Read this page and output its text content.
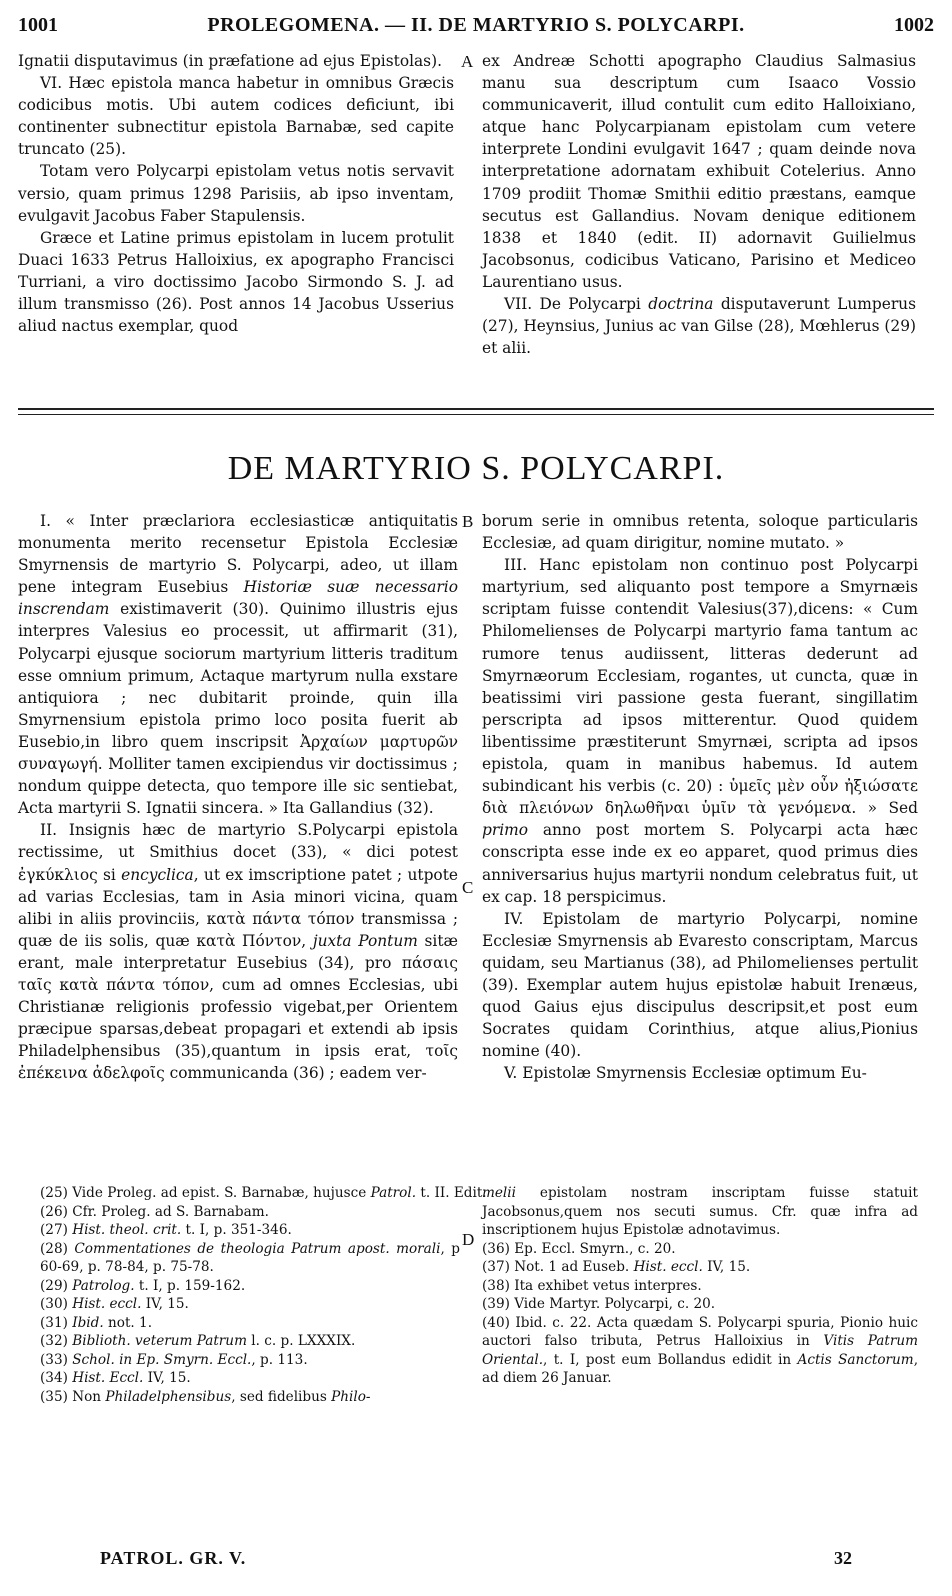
1001	PROLEGOMENA. — II. DE MARTYRIO S. POLYCARPI.	1002

Ignatii disputavimus (in præfatione ad ejus Epistolas).

VI. Hæc epistola manca habetur in omnibus Græcis codicibus motis. Ubi autem codices deficiunt, ibi continenter subnectitur epistola Barnabæ, sed capite truncato (25).

Totam vero Polycarpi epistolam vetus notis servavit versio, quam primus 1298 Parisiis, ab ipso inventam, evulgavit Jacobus Faber Stapulensis.

Græce et Latine primus epistolam in lucem protulit Duaci 1633 Petrus Halloixius, ex apographo Francisci Turriani, a viro doctissimo Jacobo Sirmondo S. J. ad illum transmisso (26). Post annos 14 Jacobus Usserius aliud nactus exemplar, quod

A ex Andreæ Schotti apographo Claudius Salmasius manu sua descriptum cum Isaaco Vossio communicaverit, illud contulit cum edito Halloixiano, atque hanc Polycarpianam epistolam cum vetere interprete Londini evulgavit 1647 ; quam deinde nova interpretatione adornatam exhibuit Cotelerius. Anno 1709 prodiit Thomæ Smithii editio præstans, eamque secutus est Gallandius. Novam denique editionem 1838 et 1840 (edit. II) adornavit Guilielmus Jacobsonus, codicibus Vaticano, Parisino et Mediceo Laurentiano usus.

VII. De Polycarpi doctrina disputaverunt Lumperus (27), Heynsius, Junius ac van Gilse (28), Mœhlerus (29) et alii.

DE MARTYRIO S. POLYCARPI.

I. « Inter præclariora ecclesiasticæ antiquitatis monumenta merito recensetur Epistola Ecclesiæ Smyrnensis de martyrio S. Polycarpi, adeo, ut illam pene integram Eusebius Historiæ suæ necessario inscrendam existimaverit (30). Quinimo illustris ejus interpres Valesius eo processit, ut affirmarit (31), Polycarpi ejusque sociorum martyrium litteris traditum esse omnium primum, Actaque martyrum nulla exstare antiquiora ; nec dubitarit proinde, quin illa Smyrnensium epistola primo loco posita fuerit ab Eusebio,in libro quem inscripsit Ἀρχαίων μαρτυρῶν συναγωγή. Molliter tamen excipiendus vir doctissimus ; nondum quippe detecta, quo tempore ille sic sentiebat, Acta martyrii S. Ignatii sincera. » Ita Gallandius (32).

II. Insignis hæc de martyrio S.Polycarpi epistola rectissime, ut Smithius docet (33), « dici potest ἐγκύκλιος si encyclica, ut ex imscriptione patet ; utpote ad varias Ecclesias, tam in Asia minori vicina, quam alibi in aliis provinciis, κατὰ πάντα τόπον transmissa ; quæ de iis solis, quæ κατὰ Πόντον, juxta Pontum sitæ erant, male interpretatur Eusebius (34), pro πάσαις ταῖς κατὰ πάντα τόπον, cum ad omnes Ecclesias, ubi Christianæ religionis professio vigebat,per Orientem præcipue sparsas,debeat propagari et extendi ab ipsis Philadelphensibus (35),quantum in ipsis erat, τοῖς ἐπέκεινα ἀδελφοῖς communicanda (36) ; eadem ver-

B
C
D

borum serie in omnibus retenta, soloque particularis Ecclesiæ, ad quam dirigitur, nomine mutato. »

III. Hanc epistolam non continuo post Polycarpi martyrium, sed aliquanto post tempore a Smyrnæis scriptam fuisse contendit Valesius(37),dicens: « Cum Philomelienses de Polycarpi martyrio fama tantum ac rumore tenus audiissent, litteras dederunt ad Smyrnæorum Ecclesiam, rogantes, ut cuncta, quæ in beatissimi viri passione gesta fuerant, singillatim perscripta ad ipsos mitterentur. Quod quidem libentissime præstiterunt Smyrnæi, scripta ad ipsos epistola, quam in manibus habemus. Id autem subindicant his verbis (c. 20) : ὑμεῖς μὲν οὖν ἠξιώσατε διὰ πλειόνων δηλωθῆναι ὑμῖν τὰ γενόμενα. » Sed primo anno post mortem S. Polycarpi acta hæc conscripta esse inde ex eo apparet, quod primus dies anniversarius hujus martyrii nondum celebratus fuit, ut ex cap. 18 perspicimus.

IV. Epistolam de martyrio Polycarpi, nomine Ecclesiæ Smyrnensis ab Evaresto conscriptam, Marcus quidam, seu Martianus (38), ad Philomelienses pertulit (39). Exemplar autem hujus epistolæ habuit Irenæus, quod Gaius ejus discipulus descripsit,et post eum Socrates quidam Corinthius, atque alius,Pionius nomine (40).

V. Epistolæ Smyrnensis Ecclesiæ optimum Eu-

(25) Vide Proleg. ad epist. S. Barnabæ, hujusce Patrol. t. II. Edit.
(26) Cfr. Proleg. ad S. Barnabam.
(27) Hist. theol. crit. t. I, p. 351-346.
(28) Commentationes de theologia Patrum apost. morali, p 60-69, p. 78-84, p. 75-78.
(29) Patrolog. t. I, p. 159-162.
(30) Hist. eccl. IV, 15.
(31) Ibid. not. 1.
(32) Biblioth. veterum Patrum l. c. p. LXXXIX.
(33) Schol. in Ep. Smyrn. Eccl., p. 113.
(34) Hist. Eccl. IV, 15.
(35) Non Philadelphensibus, sed fidelibus Philo-
melii epistolam nostram inscriptam fuisse statuit Jacobsonus,quem nos secuti sumus. Cfr. quæ infra ad inscriptionem hujus Epistolæ adnotavimus.
(36) Ep. Eccl. Smyrn., c. 20.
(37) Not. 1 ad Euseb. Hist. eccl. IV, 15.
(38) Ita exhibet vetus interpres.
(39) Vide Martyr. Polycarpi, c. 20.
(40) Ibid. c. 22. Acta quædam S. Polycarpi spuria, Pionio huic auctori falso tributa, Petrus Halloixius in Vitis Patrum Oriental., t. I, post eum Bollandus edidit in Actis Sanctorum, ad diem 26 Januar.
PATROL. GR. V.	32
